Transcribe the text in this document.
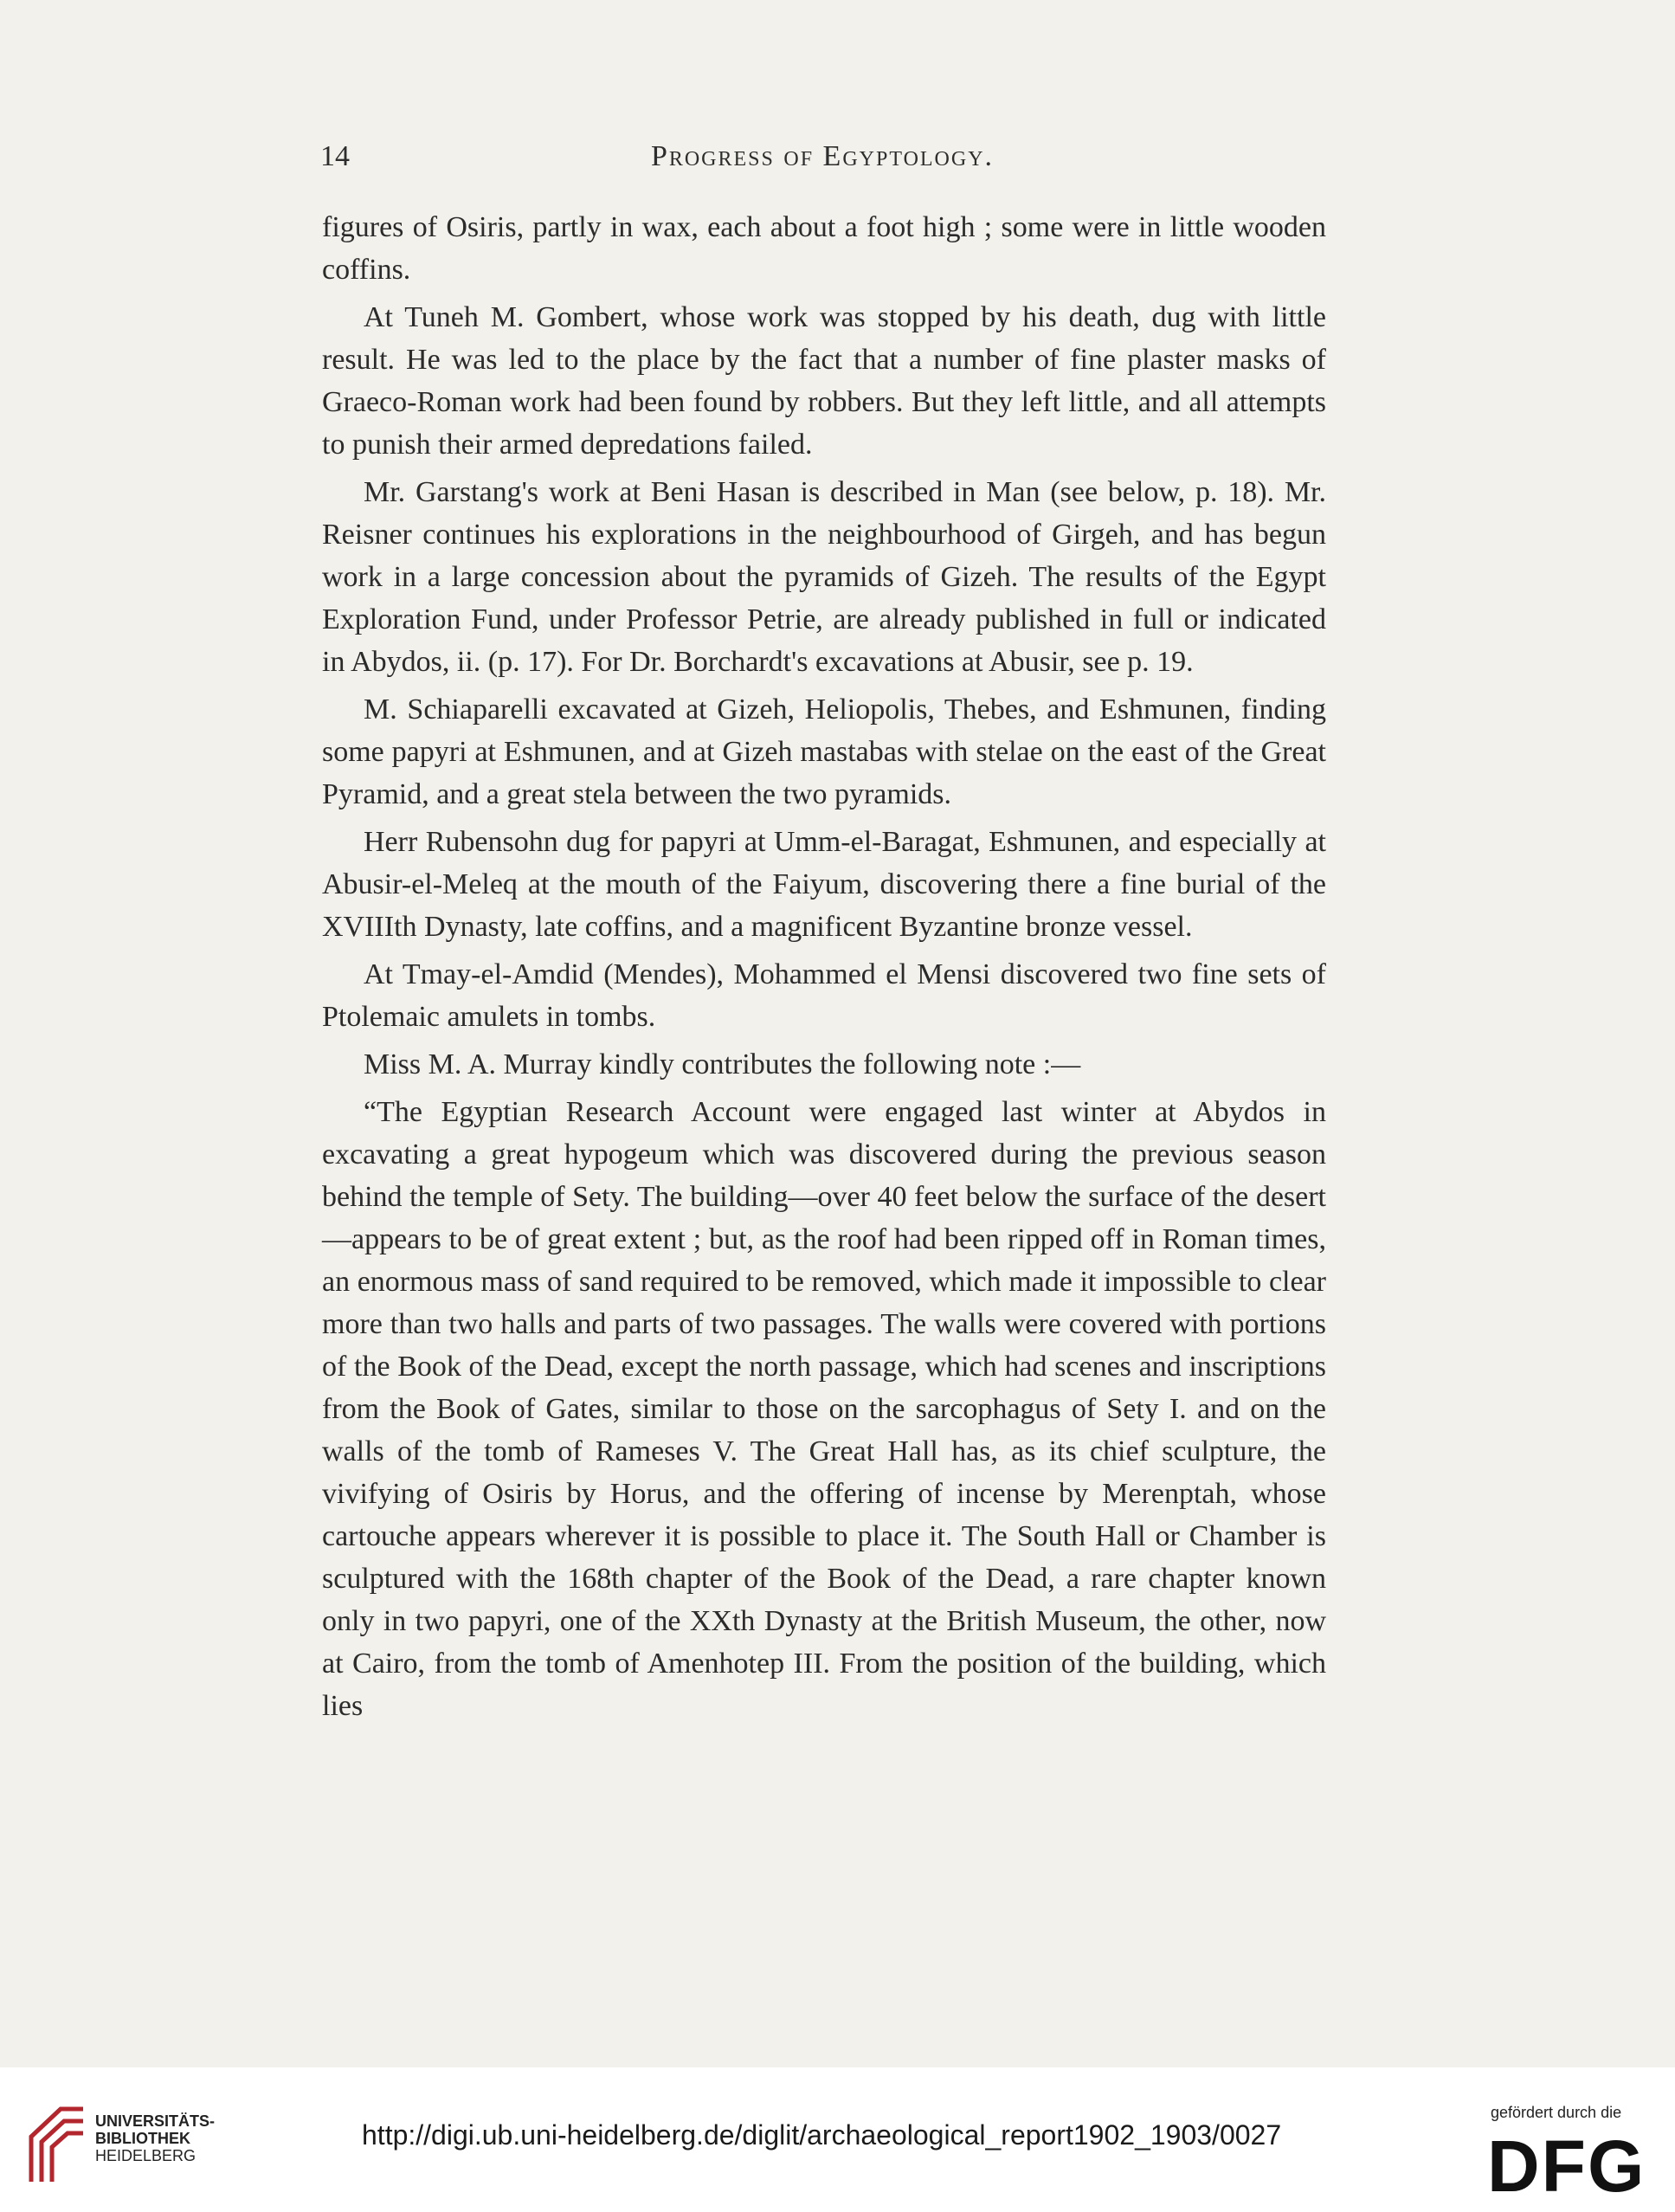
14	Progress of Egyptology.

figures of Osiris, partly in wax, each about a foot high ; some were in little wooden coffins.

At Tuneh M. Gombert, whose work was stopped by his death, dug with little result. He was led to the place by the fact that a number of fine plaster masks of Graeco-Roman work had been found by robbers. But they left little, and all attempts to punish their armed depredations failed.

Mr. Garstang's work at Beni Hasan is described in Man (see below, p. 18). Mr. Reisner continues his explorations in the neighbourhood of Girgeh, and has begun work in a large concession about the pyramids of Gizeh. The results of the Egypt Exploration Fund, under Professor Petrie, are already published in full or indicated in Abydos, ii. (p. 17). For Dr. Borchardt's excavations at Abusir, see p. 19.

M. Schiaparelli excavated at Gizeh, Heliopolis, Thebes, and Eshmunen, finding some papyri at Eshmunen, and at Gizeh mastabas with stelae on the east of the Great Pyramid, and a great stela between the two pyramids.

Herr Rubensohn dug for papyri at Umm-el-Baragat, Eshmunen, and especially at Abusir-el-Meleq at the mouth of the Faiyum, discovering there a fine burial of the XVIIIth Dynasty, late coffins, and a magnificent Byzantine bronze vessel.

At Tmay-el-Amdid (Mendes), Mohammed el Mensi discovered two fine sets of Ptolemaic amulets in tombs.

Miss M. A. Murray kindly contributes the following note :—

“The Egyptian Research Account were engaged last winter at Abydos in excavating a great hypogeum which was discovered during the previous season behind the temple of Sety. The building—over 40 feet below the surface of the desert—appears to be of great extent ; but, as the roof had been ripped off in Roman times, an enormous mass of sand required to be removed, which made it impossible to clear more than two halls and parts of two passages. The walls were covered with portions of the Book of the Dead, except the north passage, which had scenes and inscriptions from the Book of Gates, similar to those on the sarcophagus of Sety I. and on the walls of the tomb of Rameses V. The Great Hall has, as its chief sculpture, the vivifying of Osiris by Horus, and the offering of incense by Merenptah, whose cartouche appears wherever it is possible to place it. The South Hall or Chamber is sculptured with the 168th chapter of the Book of the Dead, a rare chapter known only in two papyri, one of the XXth Dynasty at the British Museum, the other, now at Cairo, from the tomb of Amenhotep III. From the position of the building, which lies

UNIVERSITÄTS-
BIBLIOTHEK
HEIDELBERG
http://digi.ub.uni-heidelberg.de/diglit/archaeological_report1902_1903/0027
gefördert durch die
DFG
